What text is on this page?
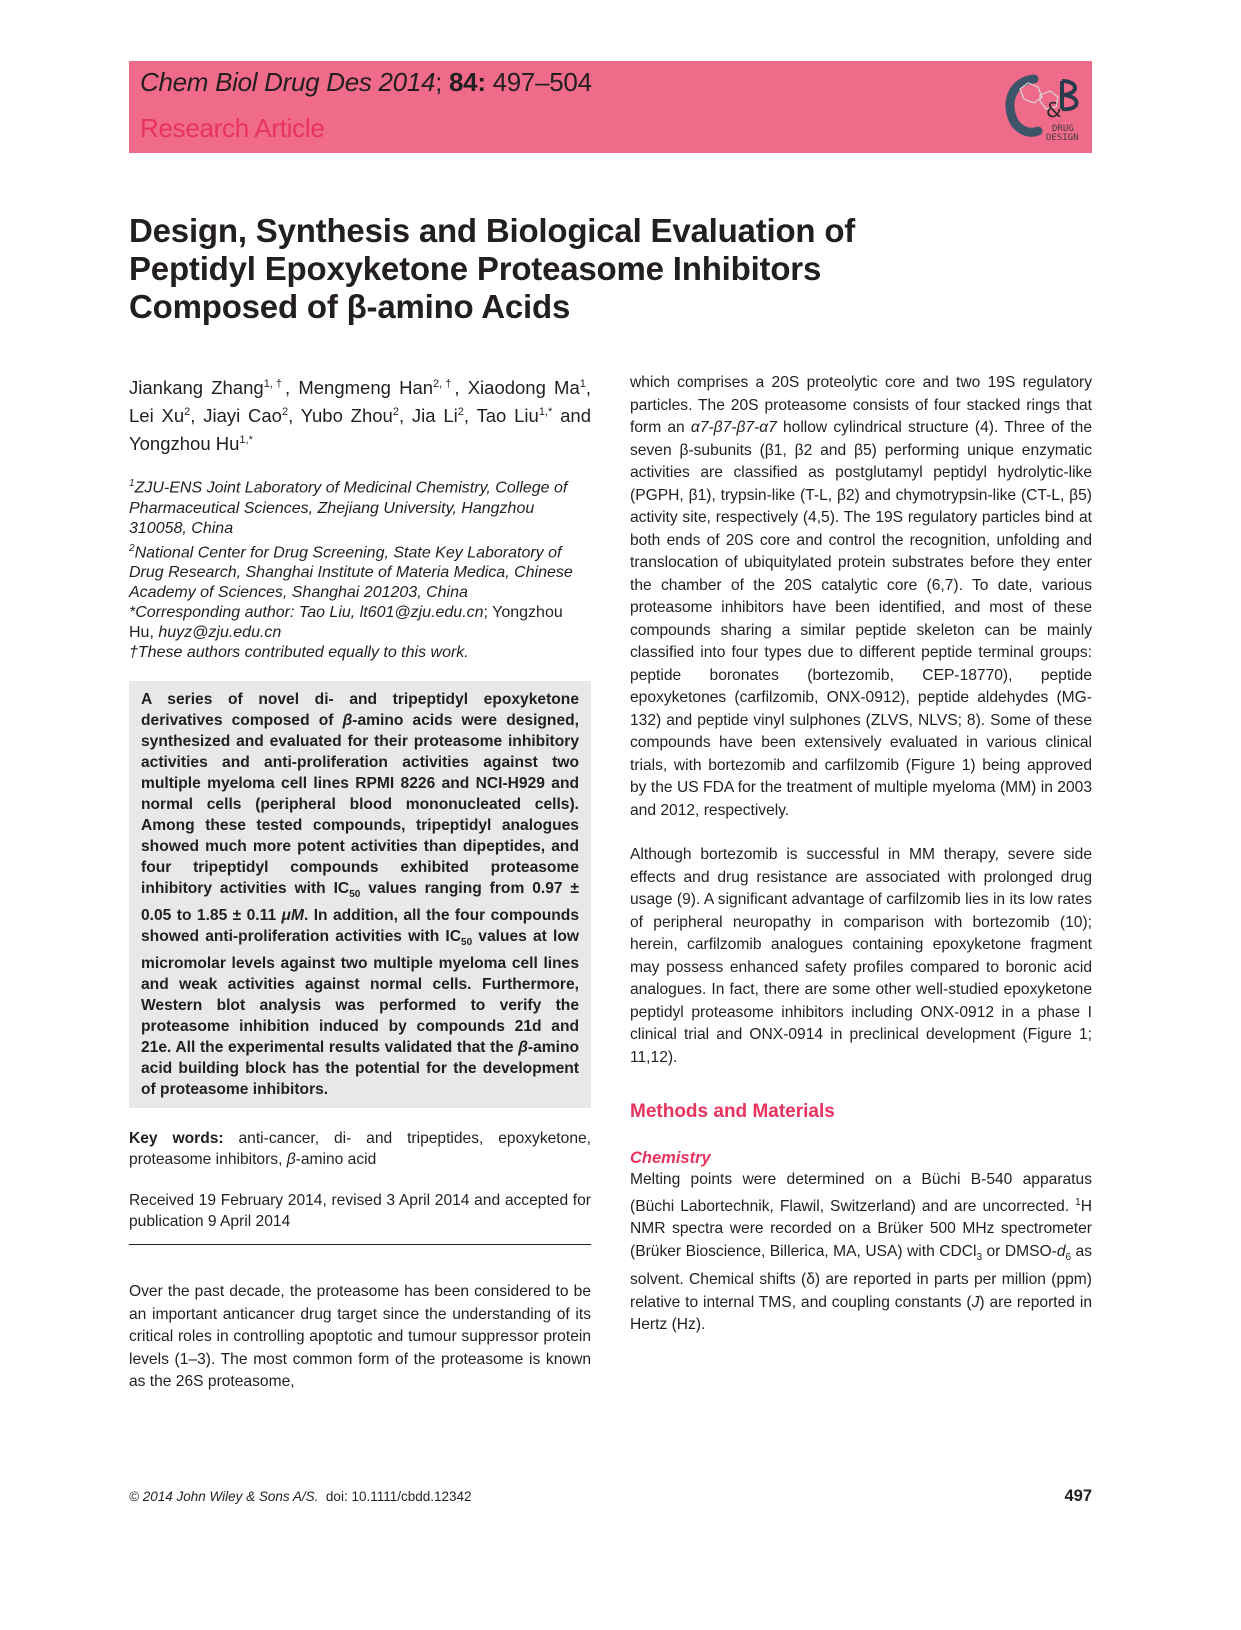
Chem Biol Drug Des 2014; 84: 497–504
Research Article
&
DRUG
DESIGN
Design, Synthesis and Biological Evaluation of Peptidyl Epoxyketone Proteasome Inhibitors Composed of β-amino Acids
Jiankang Zhang$^{1,\dagger}$, Mengmeng Han$^{2,\dagger}$, Xiaodong Ma$^1$, Lei Xu$^2$, Jiayi Cao$^2$, Yubo Zhou$^2$, Jia Li$^2$, Tao Liu$^{1,*}$ and Yongzhou $Hu^{1,*}$
$^1$ZJU-ENS Joint Laboratory of Medicinal Chemistry, College of Pharmaceutical Sciences, Zhejiang University, Hangzhou 310058, China
$^2$National Center for Drug Screening, State Key Laboratory of Drug Research, Shanghai Institute of Materia Medica, Chinese Academy of Sciences, Shanghai 201203, China
*Corresponding author: Tao Liu, lt601@zju.edu.cn; Yongzhou Hu, huyz@zju.edu.cn
†These authors contributed equally to this work.
A series of novel di- and tripeptidyl epoxyketone derivatives composed of β-amino acids were designed, synthesized and evaluated for their proteasome inhibitory activities and anti-proliferation activities against two multiple myeloma cell lines RPMI 8226 and NCI-H929 and normal cells (peripheral blood mononucleated cells). Among these tested compounds, tripeptidyl analogues showed much more potent activities than dipeptides, and four tripeptidyl compounds exhibited proteasome inhibitory activities with $IC_{50}$ values ranging from 0.97 ± 0.05 to 1.85 ± 0.11 μM. In addition, all the four compounds showed anti-proliferation activities with $IC_{50}$ values at low micromolar levels against two multiple myeloma cell lines and weak activities against normal cells. Furthermore, Western blot analysis was performed to verify the proteasome inhibition induced by compounds 21d and 21e. All the experimental results validated that the β-amino acid building block has the potential for the development of proteasome inhibitors.
Key words: anti-cancer, di- and tripeptides, epoxyketone, proteasome inhibitors, β-amino acid
Received 19 February 2014, revised 3 April 2014 and accepted for publication 9 April 2014

Over the past decade, the proteasome has been considered to be an important anticancer drug target since the understanding of its critical roles in controlling apoptotic and tumour suppressor protein levels (1–3). The most common form of the proteasome is known as the 26S proteasome,

which comprises a 20S proteolytic core and two 19S regulatory particles. The 20S proteasome consists of four stacked rings that form an α7-β7-β7-α7 hollow cylindrical structure (4). Three of the seven β-subunits (β1, β2 and β5) performing unique enzymatic activities are classified as postglutamyl peptidyl hydrolytic-like (PGPH, β1), trypsin-like (T-L, β2) and chymotrypsin-like (CT-L, β5) activity site, respectively (4,5). The 19S regulatory particles bind at both ends of 20S core and control the recognition, unfolding and translocation of ubiquitylated protein substrates before they enter the chamber of the 20S catalytic core (6,7). To date, various proteasome inhibitors have been identified, and most of these compounds sharing a similar peptide skeleton can be mainly classified into four types due to different peptide terminal groups: peptide boronates (bortezomib, CEP-18770), peptide epoxyketones (carfilzomib, ONX-0912), peptide aldehydes (MG-132) and peptide vinyl sulphones (ZLVS, NLVS; 8). Some of these compounds have been extensively evaluated in various clinical trials, with bortezomib and carfilzomib (Figure 1) being approved by the US FDA for the treatment of multiple myeloma (MM) in 2003 and 2012, respectively.

Although bortezomib is successful in MM therapy, severe side effects and drug resistance are associated with prolonged drug usage (9). A significant advantage of carfilzomib lies in its low rates of peripheral neuropathy in comparison with bortezomib (10); herein, carfilzomib analogues containing epoxyketone fragment may possess enhanced safety profiles compared to boronic acid analogues. In fact, there are some other well-studied epoxyketone peptidyl proteasome inhibitors including ONX-0912 in a phase I clinical trial and ONX-0914 in preclinical development (Figure 1; 11,12).

Methods and Materials
Chemistry

Melting points were determined on a Büchi B-540 apparatus (Büchi Labortechnik, Flawil, Switzerland) and are uncorrected. $^1$H NMR spectra were recorded on a Brüker 500 MHz spectrometer (Brüker Bioscience, Billerica, MA, USA) with CDCl$_3$ or DMSO-$d_6$ as solvent. Chemical shifts (δ) are reported in parts per million (ppm) relative to internal TMS, and coupling constants (J) are reported in Hertz (Hz).

© 2014 John Wiley & Sons A/S.  doi: 10.1111/cbdd.12342	497
